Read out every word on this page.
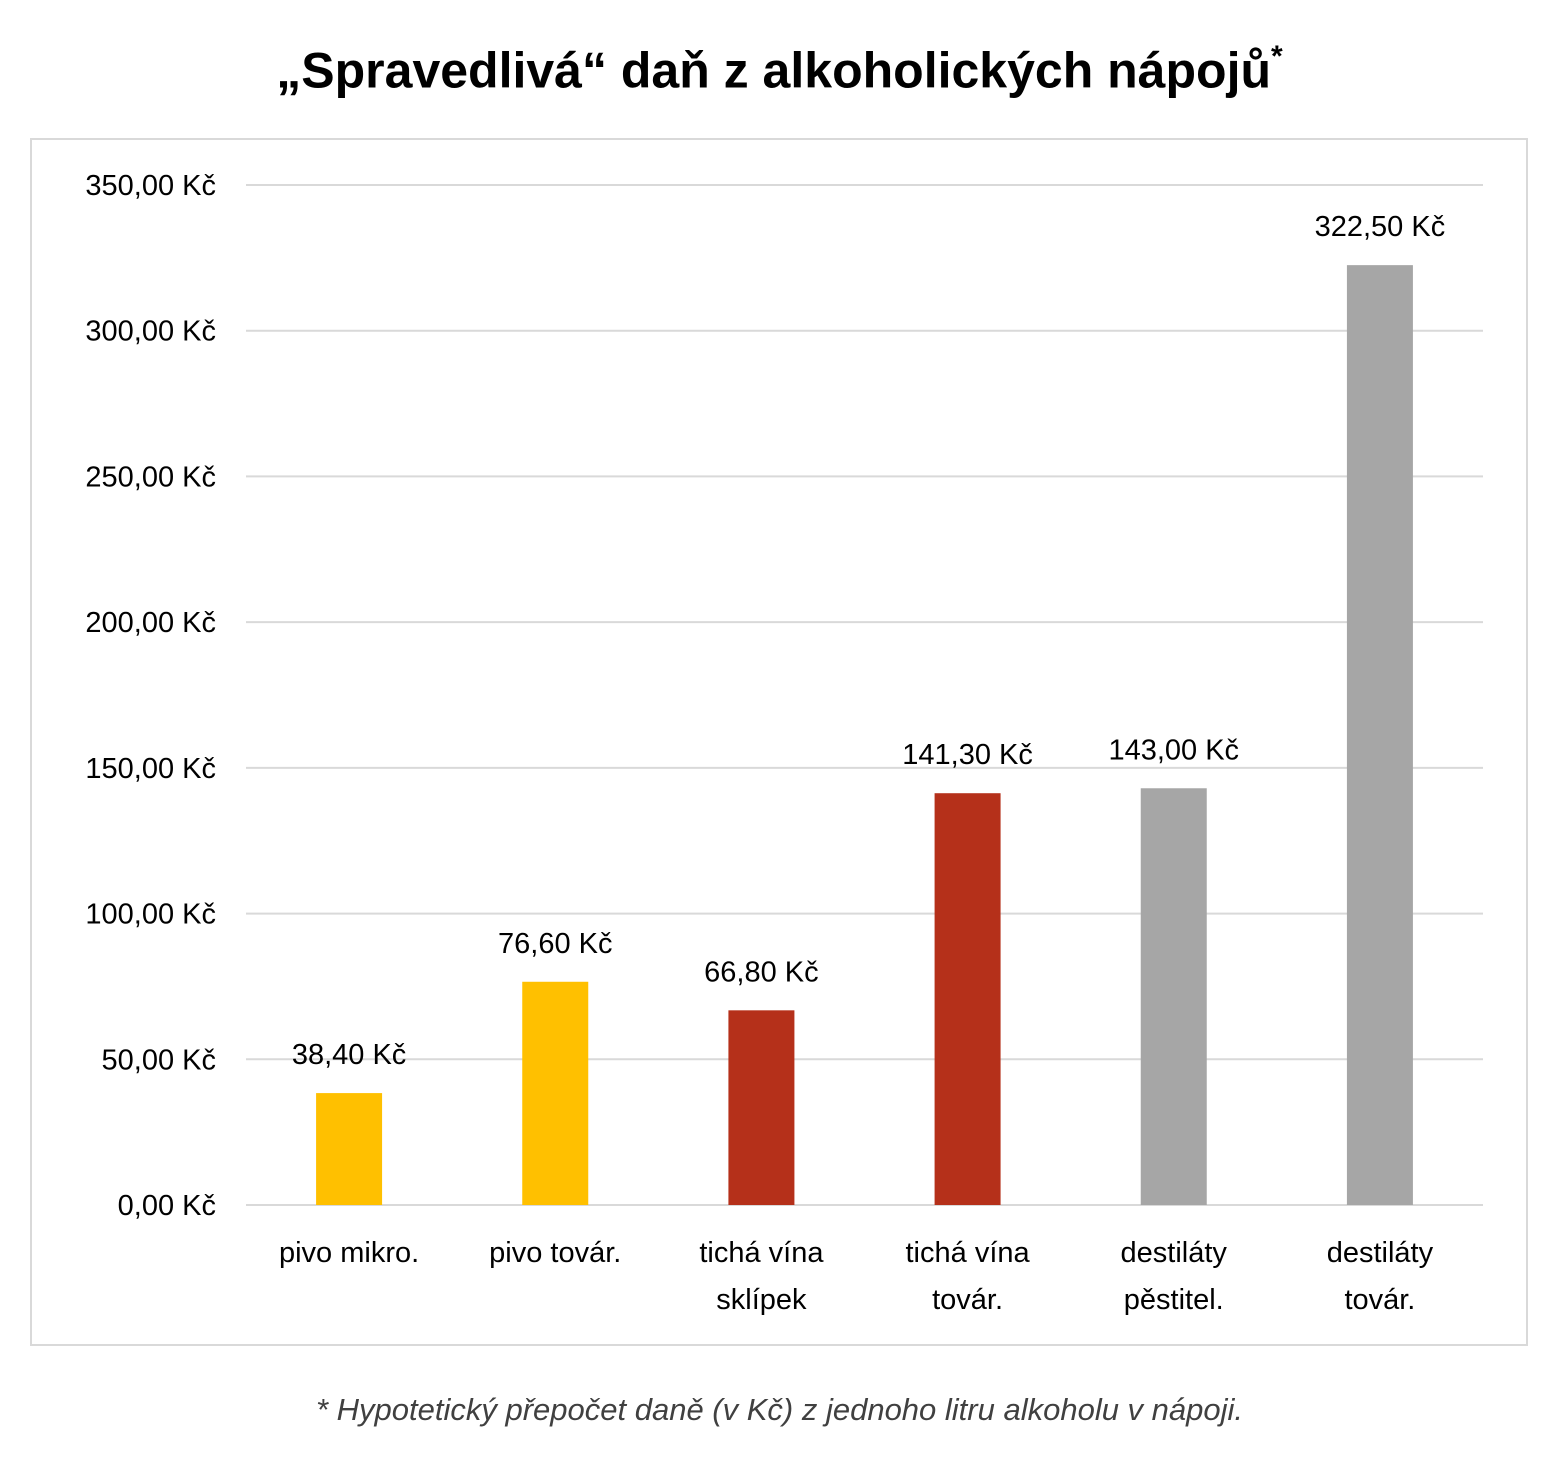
„Spravedlivá“ daň z alkoholických nápojů*
0,00 Kč
50,00 Kč
100,00 Kč
150,00 Kč
200,00 Kč
250,00 Kč
300,00 Kč
350,00 Kč
38,40 Kč
pivo mikro.
76,60 Kč
pivo továr.
66,80 Kč
tichá vína sklípek
141,30 Kč
tichá vína továr.
143,00 Kč
destiláty pěstitel.
322,50 Kč
destiláty továr.
* Hypotetický přepočet daně (v Kč) z jednoho litru alkoholu v nápoji.
